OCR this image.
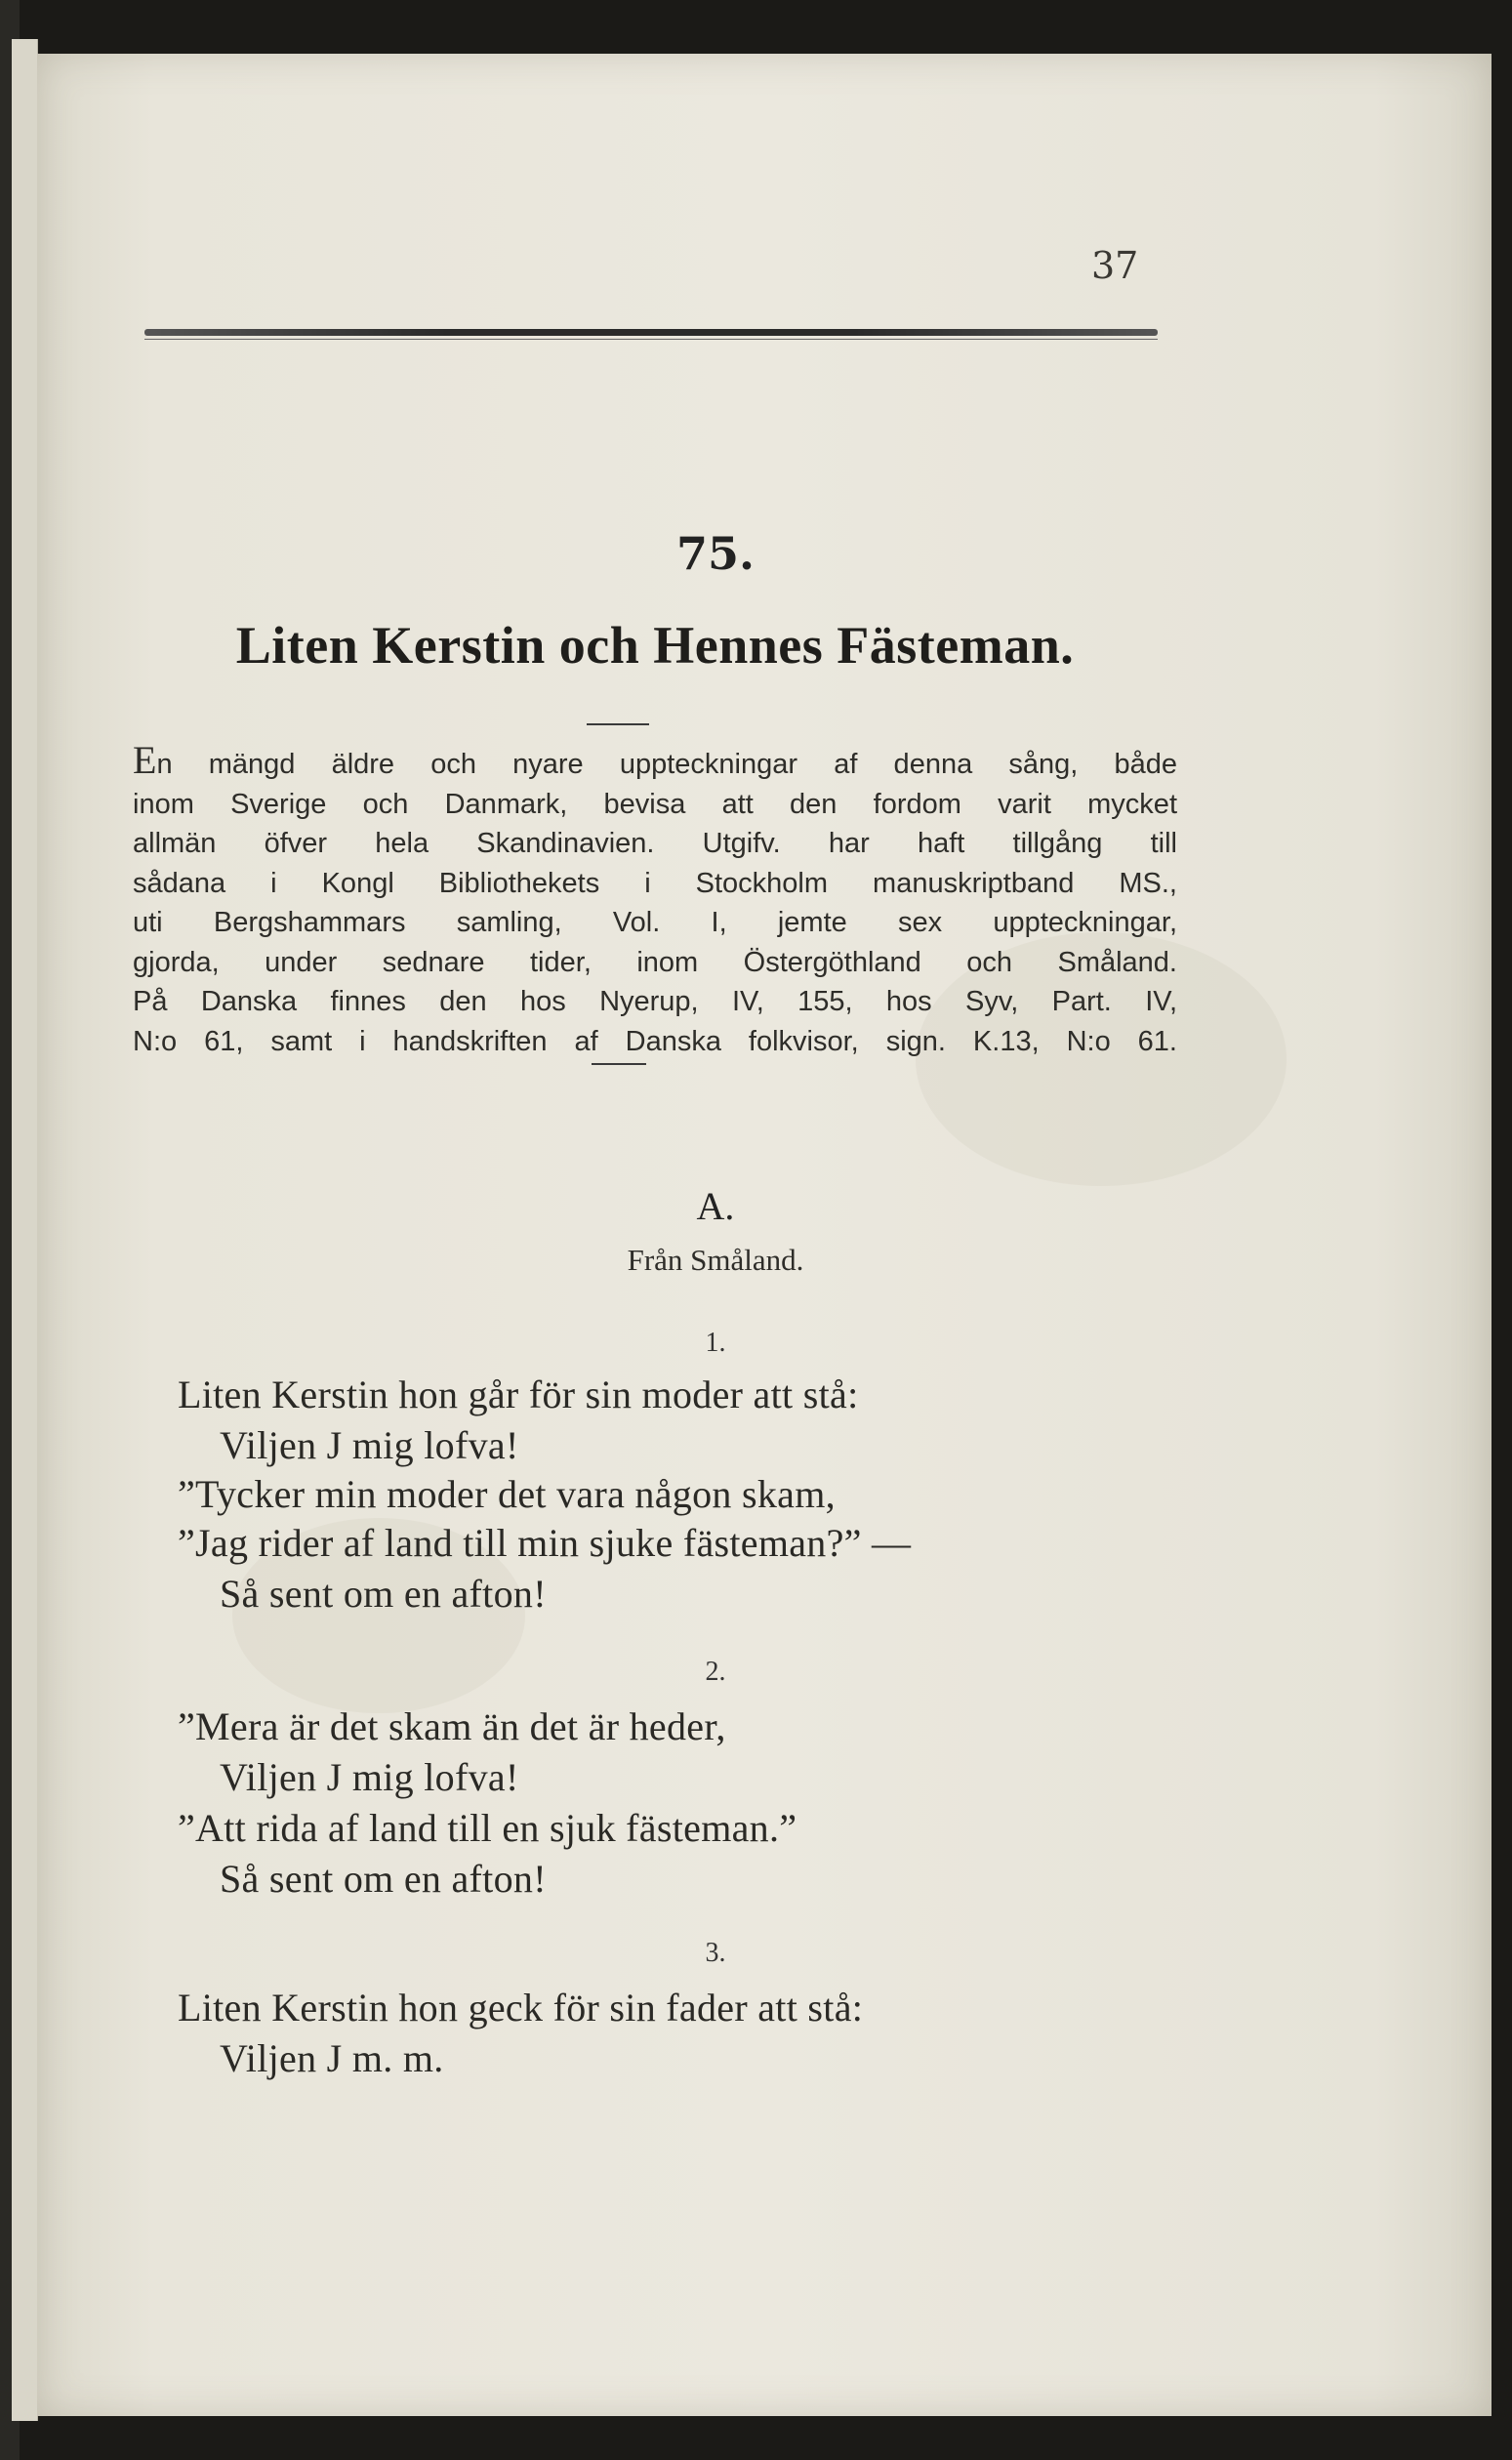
37
75.
Liten Kerstin och Hennes Fästeman.
En mängd äldre och nyare uppteckningar af denna sång, både
inom Sverige och Danmark, bevisa att den fordom varit mycket
allmän öfver hela Skandinavien. Utgifv. har haft tillgång till
sådana i Kongl Bibliothekets i Stockholm manuskriptband MS.,
uti Bergshammars samling, Vol. I, jemte sex uppteckningar,
gjorda, under sednare tider, inom Östergöthland och Småland.
På Danska finnes den hos Nyerup, IV, 155, hos Syv, Part. IV,
N:o 61, samt i handskriften af Danska folkvisor, sign. K.13, N:o 61.
A.
Från Småland.
1.
Liten Kerstin hon går för sin moder att stå:
Viljen J mig lofva!
”Tycker min moder det vara någon skam,
”Jag rider af land till min sjuke fästeman?” —
Så sent om en afton!
2.
”Mera är det skam än det är heder,
Viljen J mig lofva!
”Att rida af land till en sjuk fästeman.”
Så sent om en afton!
3.
Liten Kerstin hon geck för sin fader att stå:
Viljen J m. m.
